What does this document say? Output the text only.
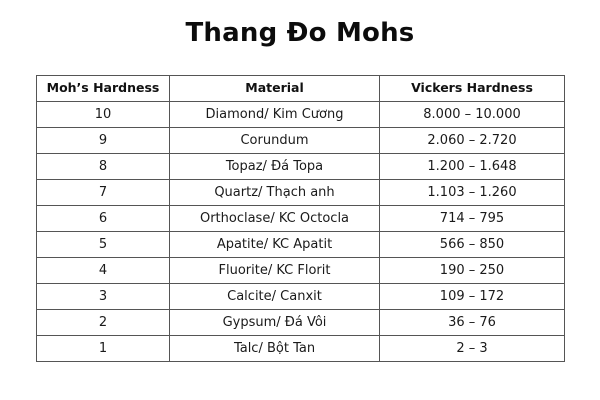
Thang Đo Mohs
Moh’s Hardness	Material	Vickers Hardness
10	Diamond/ Kim Cương	8.000 – 10.000
9	Corundum	2.060 – 2.720
8	Topaz/ Đá Topa	1.200 – 1.648
7	Quartz/ Thạch anh	1.103 – 1.260
6	Orthoclase/ KC Octocla	714 – 795
5	Apatite/ KC Apatit	566 – 850
4	Fluorite/ KC Florit	190 – 250
3	Calcite/ Canxit	109 – 172
2	Gypsum/ Đá Vôi	36 – 76
1	Talc/ Bột Tan	2 – 3
